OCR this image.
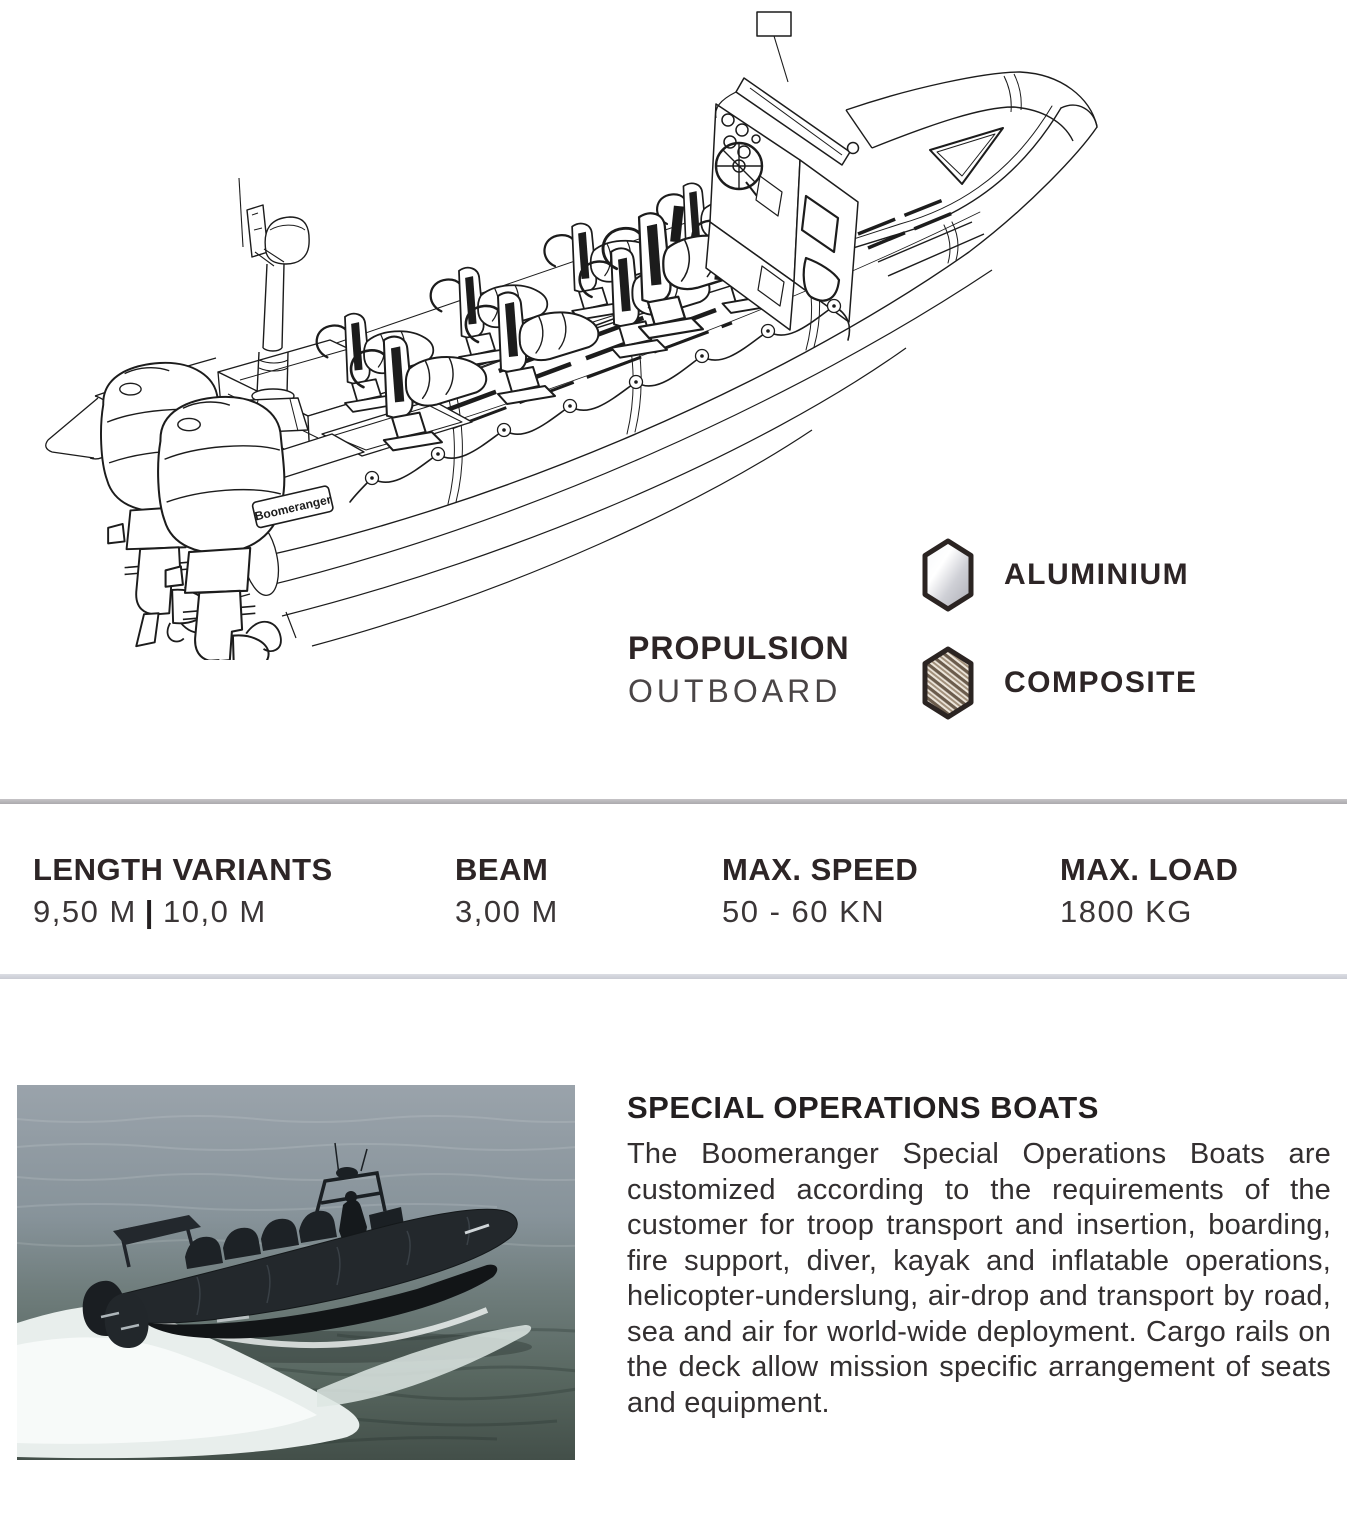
Boomeranger
PROPULSION
OUTBOARD
ALUMINIUM
COMPOSITE
LENGTH VARIANTS
9,50 M | 10,0 M
BEAM
3,00 M
MAX. SPEED
50 - 60 KN
MAX. LOAD
1800 KG
SPECIAL OPERATIONS BOATS
The Boomeranger Special Operations Boats are customized according to the requirements of the customer for troop transport and insertion, boarding, fire support, diver, kayak and inflatable operations, helicopter-underslung, air-drop and transport by road, sea and air for world-wide deployment. Cargo rails on the deck allow mission specific arrangement of seats and equipment.
